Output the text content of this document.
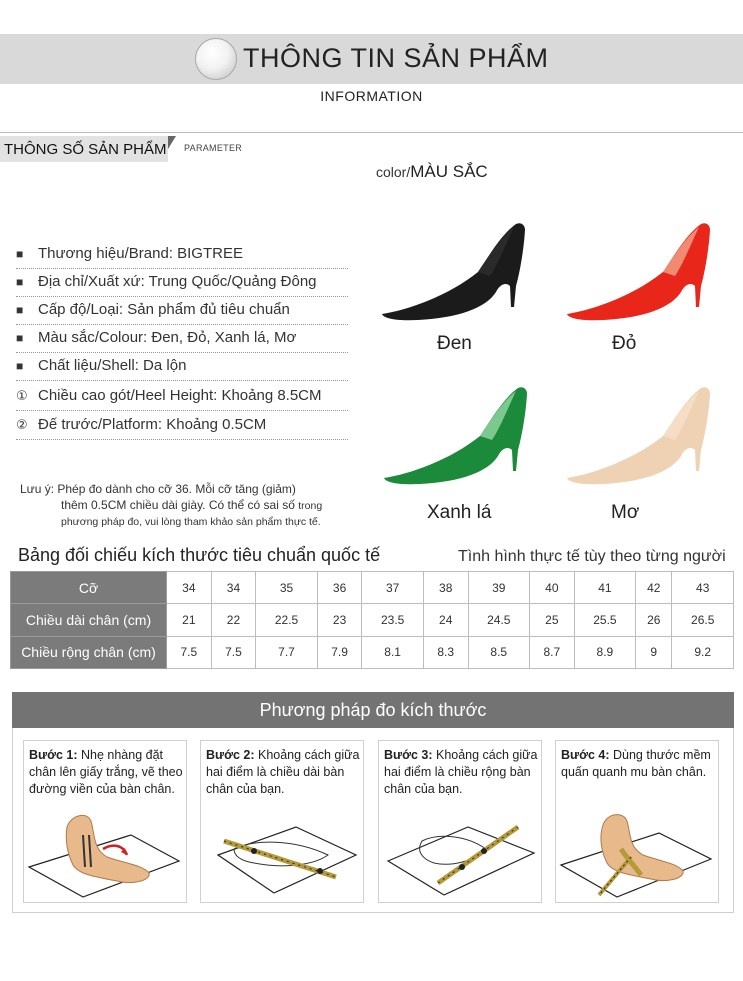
THÔNG TIN SẢN PHẨM
INFORMATION
THÔNG SỐ SẢN PHẨM PARAMETER
color/MÀU SẮC
■ Thương hiệu/Brand: BIGTREE
■ Địa chỉ/Xuất xứ: Trung Quốc/Quảng Đông
■ Cấp độ/Loại: Sản phẩm đủ tiêu chuẩn
■ Màu sắc/Colour: Đen, Đỏ, Xanh lá, Mơ
■ Chất liệu/Shell: Da lộn
① Chiều cao gót/Heel Height: Khoảng 8.5CM
② Đế trước/Platform: Khoảng 0.5CM
Lưu ý: Phép đo dành cho cỡ 36. Mỗi cỡ tăng (giảm)
thêm 0.5CM chiều dài giày. Có thể có sai số trong
phương pháp đo, vui lòng tham khảo sản phẩm thực tế.
Đen	Đỏ
Xanh lá	Mơ
Bảng đối chiếu kích thước tiêu chuẩn quốc tế	Tình hình thực tế tùy theo từng người
Cỡ	34	34	35	36	37	38	39	40	41	42	43
Chiều dài chân (cm)	21	22	22.5	23	23.5	24	24.5	25	25.5	26	26.5
Chiều rộng chân (cm)	7.5	7.5	7.7	7.9	8.1	8.3	8.5	8.7	8.9	9	9.2
Phương pháp đo kích thước
Bước 1: Nhẹ nhàng đặt chân lên giấy trắng, vẽ theo đường viền của bàn chân.
Bước 2: Khoảng cách giữa hai điểm là chiều dài bàn chân của bạn.
Bước 3: Khoảng cách giữa hai điểm là chiều rộng bàn chân của bạn.
Bước 4: Dùng thước mềm quấn quanh mu bàn chân.
